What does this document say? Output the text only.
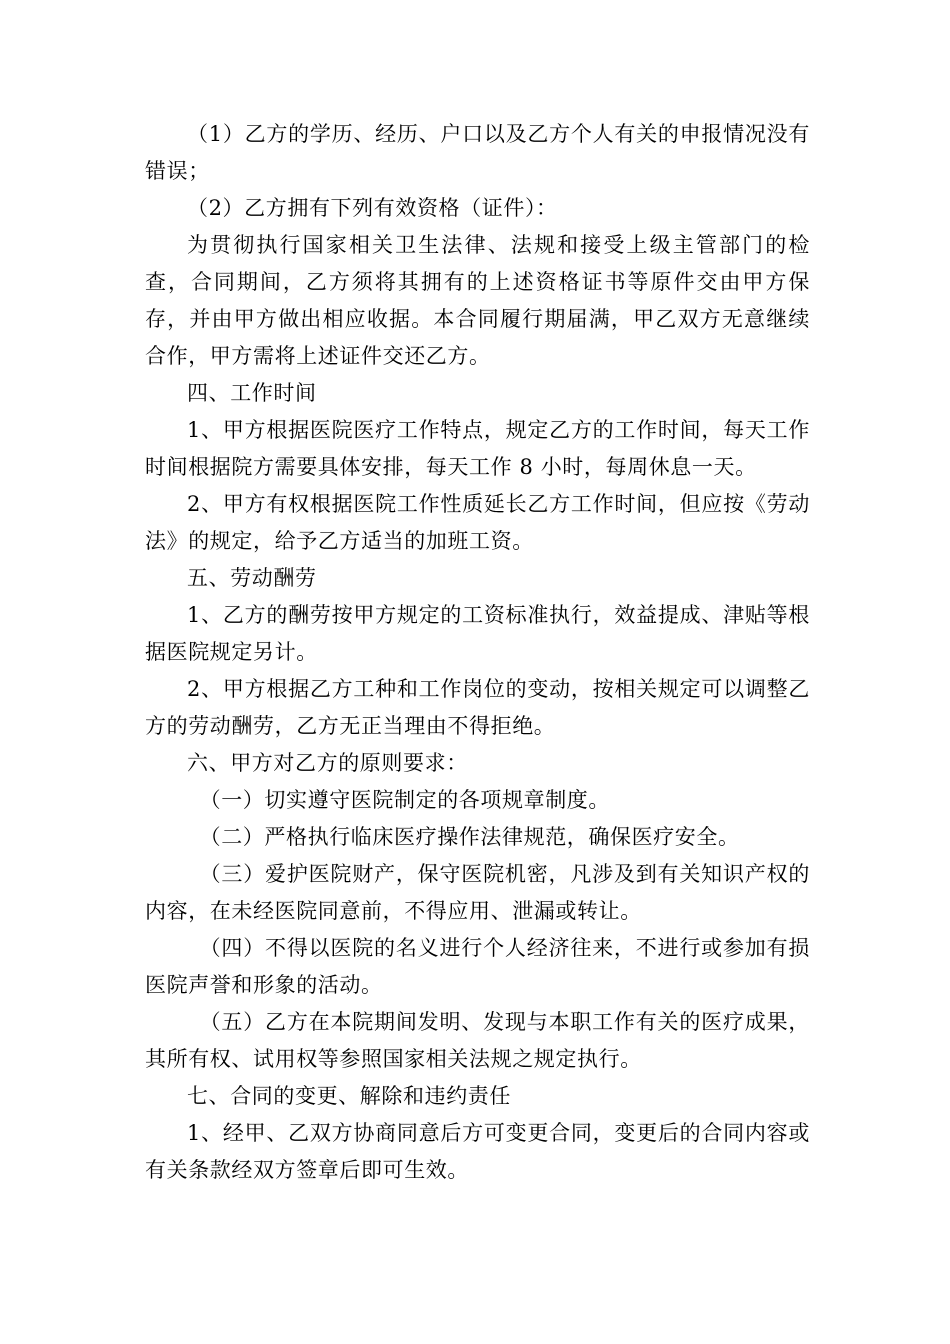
（1）乙方的学历、经历、户口以及乙方个人有关的申报情况没有错误；

（2）乙方拥有下列有效资格（证件）：

为贯彻执行国家相关卫生法律、法规和接受上级主管部门的检查，合同期间，乙方须将其拥有的上述资格证书等原件交由甲方保存，并由甲方做出相应收据。本合同履行期届满，甲乙双方无意继续合作，甲方需将上述证件交还乙方。

四、工作时间

1、甲方根据医院医疗工作特点，规定乙方的工作时间，每天工作时间根据院方需要具体安排，每天工作 8 小时，每周休息一天。

2、甲方有权根据医院工作性质延长乙方工作时间，但应按《劳动法》的规定，给予乙方适当的加班工资。

五、劳动酬劳

1、乙方的酬劳按甲方规定的工资标准执行，效益提成、津贴等根据医院规定另计。

2、甲方根据乙方工种和工作岗位的变动，按相关规定可以调整乙方的劳动酬劳，乙方无正当理由不得拒绝。

六、甲方对乙方的原则要求：

（一）切实遵守医院制定的各项规章制度。

（二）严格执行临床医疗操作法律规范，确保医疗安全。

（三）爱护医院财产，保守医院机密，凡涉及到有关知识产权的内容，在未经医院同意前，不得应用、泄漏或转让。

（四）不得以医院的名义进行个人经济往来，不进行或参加有损医院声誉和形象的活动。

（五）乙方在本院期间发明、发现与本职工作有关的医疗成果，其所有权、试用权等参照国家相关法规之规定执行。

七、合同的变更、解除和违约责任

1、经甲、乙双方协商同意后方可变更合同，变更后的合同内容或有关条款经双方签章后即可生效。
